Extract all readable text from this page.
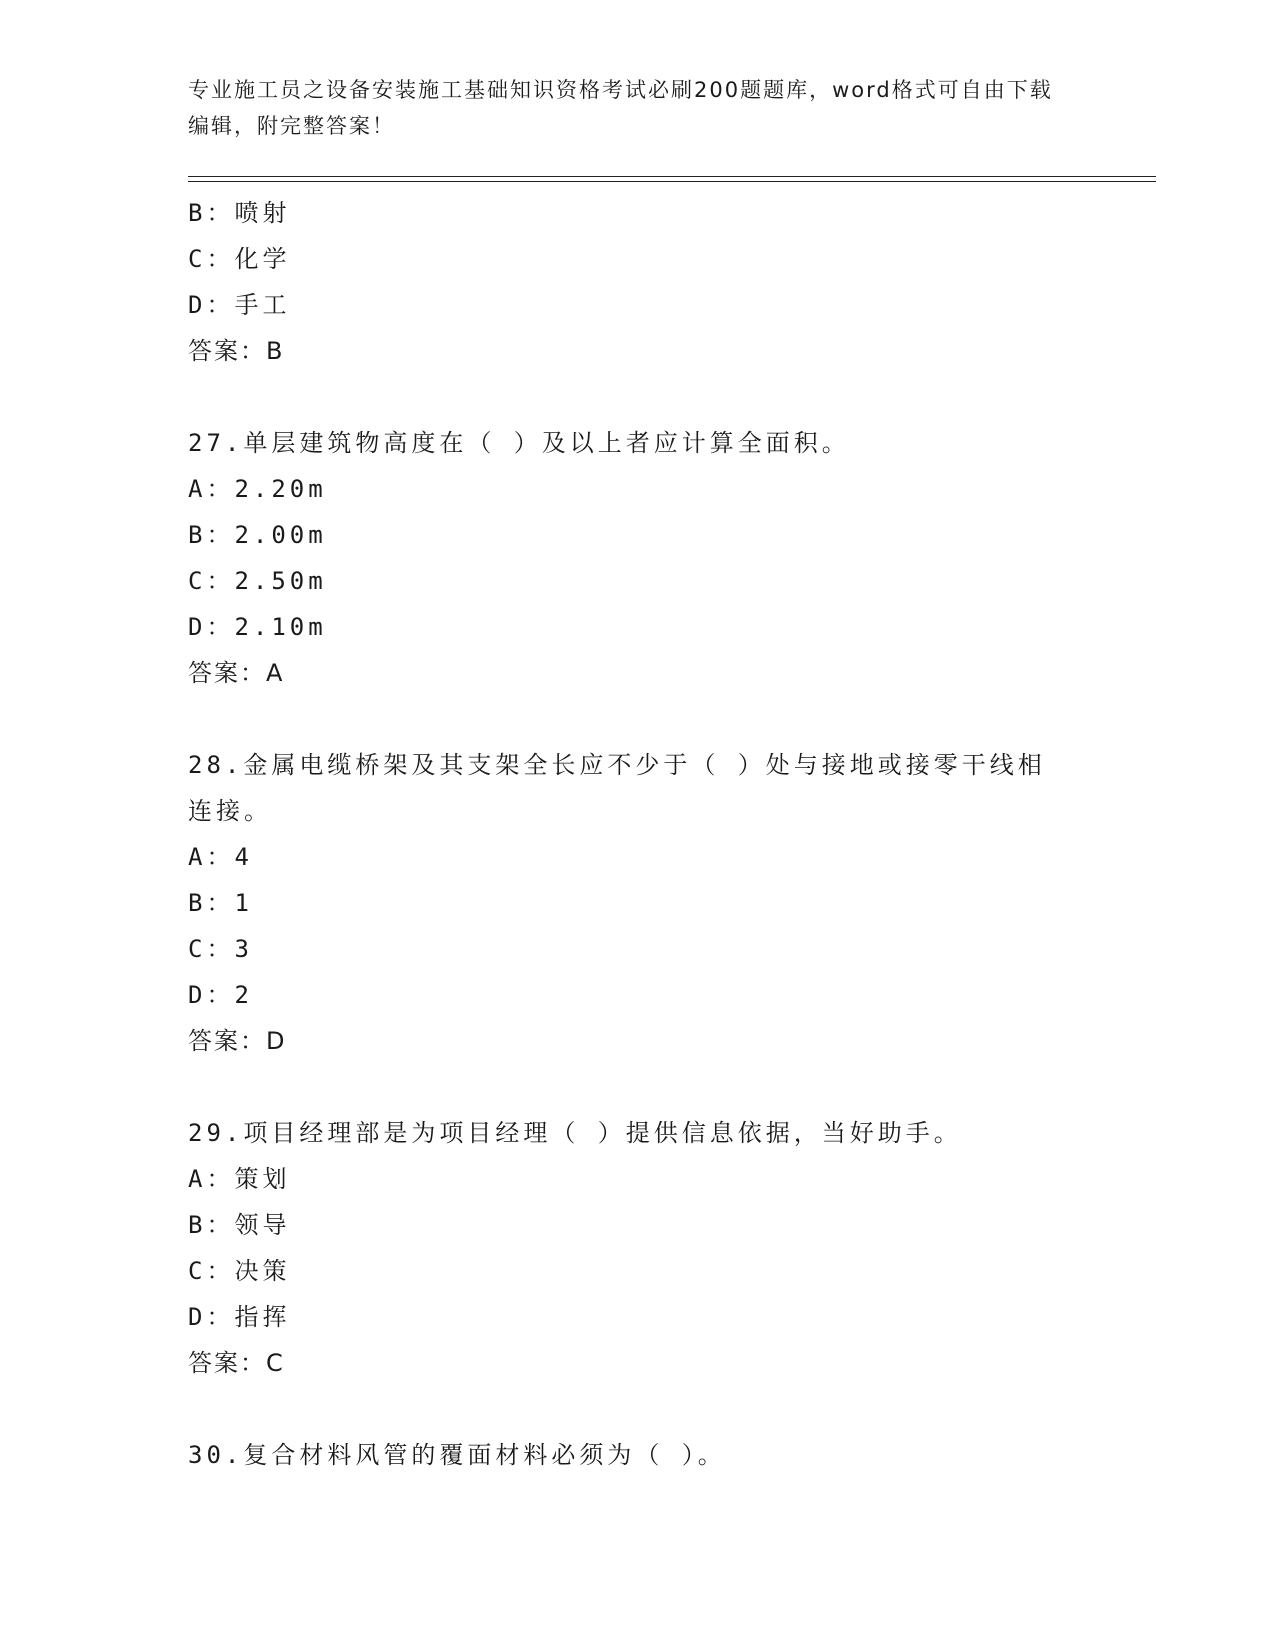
专业施工员之设备安装施工基础知识资格考试必刷200题题库，word格式可自由下载编辑，附完整答案！
B：喷射
C：化学
D：手工
答案：B
27.单层建筑物高度在（ ）及以上者应计算全面积。
A：2.20m
B：2.00m
C：2.50m
D：2.10m
答案：A
28.金属电缆桥架及其支架全长应不少于（ ）处与接地或接零干线相连接。
A：4
B：1
C：3
D：2
答案：D
29.项目经理部是为项目经理（ ）提供信息依据，当好助手。
A：策划
B：领导
C：决策
D：指挥
答案：C
30.复合材料风管的覆面材料必须为（ ）。
